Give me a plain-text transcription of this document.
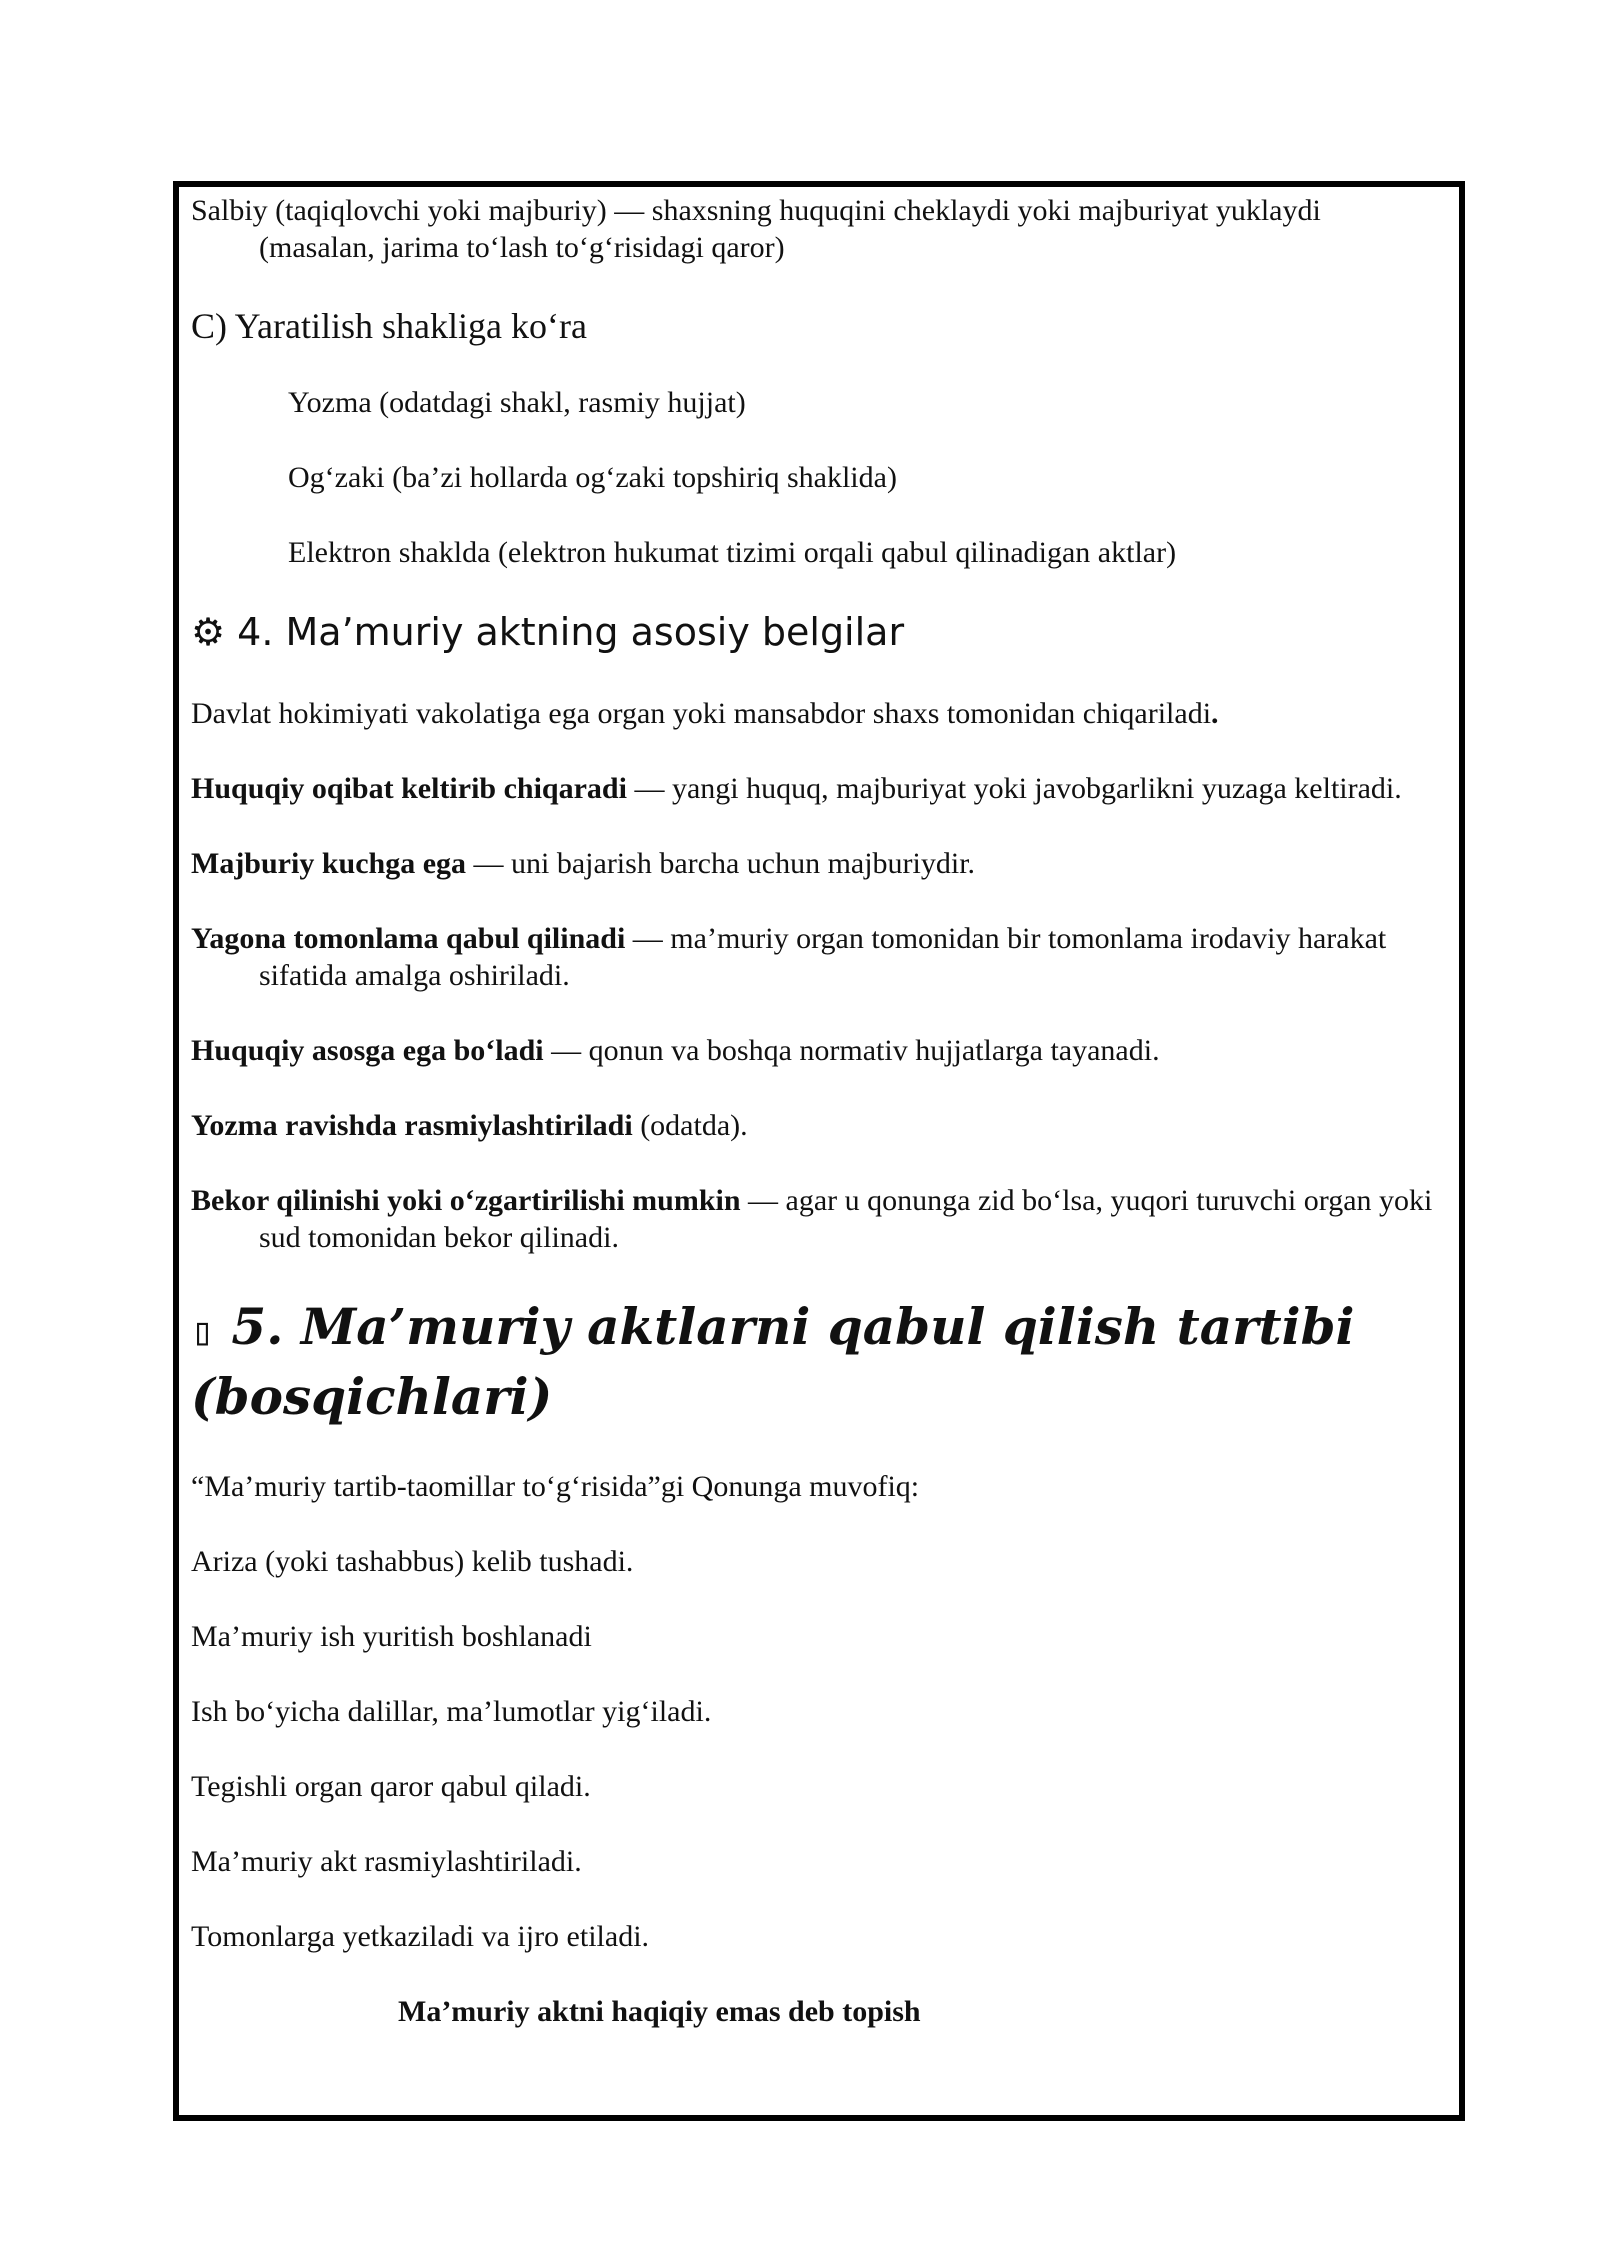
Salbiy (taqiqlovchi yoki majburiy) — shaxsning huquqini cheklaydi yoki majburiyat yuklaydi (masalan, jarima to‘lash to‘g‘risidagi qaror)

C) Yaratilish shakliga ko‘ra

Yozma (odatdagi shakl, rasmiy hujjat)

Og‘zaki (ba’zi hollarda og‘zaki topshiriq shaklida)

Elektron shaklda (elektron hukumat tizimi orqali qabul qilinadigan aktlar)

⚙ 4. Ma’muriy aktning asosiy belgilar

Davlat hokimiyati vakolatiga ega organ yoki mansabdor shaxs tomonidan chiqariladi.

Huquqiy oqibat keltirib chiqaradi — yangi huquq, majburiyat yoki javobgarlikni yuzaga keltiradi.

Majburiy kuchga ega — uni bajarish barcha uchun majburiydir.

Yagona tomonlama qabul qilinadi — ma’muriy organ tomonidan bir tomonlama irodaviy harakat sifatida amalga oshiriladi.

Huquqiy asosga ega bo‘ladi — qonun va boshqa normativ hujjatlarga tayanadi.

Yozma ravishda rasmiylashtiriladi (odatda).

Bekor qilinishi yoki o‘zgartirilishi mumkin — agar u qonunga zid bo‘lsa, yuqori turuvchi organ yoki sud tomonidan bekor qilinadi.

▯ 5. Ma’muriy aktlarni qabul qilish tartibi (bosqichlari)

“Ma’muriy tartib-taomillar to‘g‘risida”gi Qonunga muvofiq:

Ariza (yoki tashabbus) kelib tushadi.

Ma’muriy ish yuritish boshlanadi

Ish bo‘yicha dalillar, ma’lumotlar yig‘iladi.

Tegishli organ qaror qabul qiladi.

Ma’muriy akt rasmiylashtiriladi.

Tomonlarga yetkaziladi va ijro etiladi.

Ma’muriy aktni haqiqiy emas deb topish
